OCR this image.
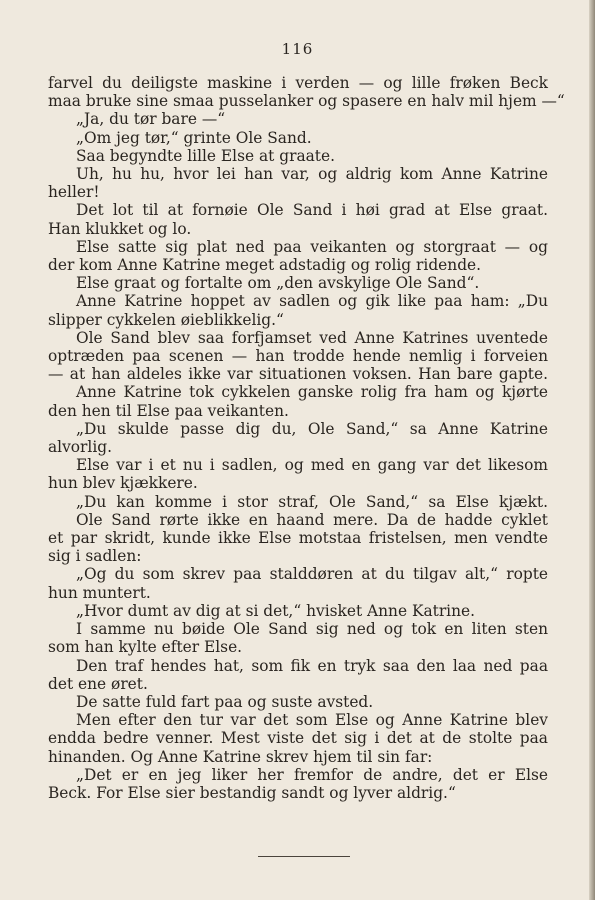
116
farvel du deiligste maskine i verden — og lille frøken Beck
maa bruke sine smaa pusselanker og spasere en halv mil hjem —“
„Ja, du tør bare —“
„Om jeg tør,“ grinte Ole Sand.
Saa begyndte lille Else at graate.
Uh, hu hu, hvor lei han var, og aldrig kom Anne Katrine
heller!
Det lot til at fornøie Ole Sand i høi grad at Else graat.
Han klukket og lo.
Else satte sig plat ned paa veikanten og storgraat — og
der kom Anne Katrine meget adstadig og rolig ridende.
Else graat og fortalte om „den avskylige Ole Sand“.
Anne Katrine hoppet av sadlen og gik like paa ham: „Du
slipper cykkelen øieblikkelig.“
Ole Sand blev saa forfjamset ved Anne Katrines uventede
optræden paa scenen — han trodde hende nemlig i forveien
— at han aldeles ikke var situationen voksen. Han bare gapte.
Anne Katrine tok cykkelen ganske rolig fra ham og kjørte
den hen til Else paa veikanten.
„Du skulde passe dig du, Ole Sand,“ sa Anne Katrine
alvorlig.
Else var i et nu i sadlen, og med en gang var det likesom
hun blev kjækkere.
„Du kan komme i stor straf, Ole Sand,“ sa Else kjækt.
Ole Sand rørte ikke en haand mere. Da de hadde cyklet
et par skridt, kunde ikke Else motstaa fristelsen, men vendte
sig i sadlen:
„Og du som skrev paa stalddøren at du tilgav alt,“ ropte
hun muntert.
„Hvor dumt av dig at si det,“ hvisket Anne Katrine.
I samme nu bøide Ole Sand sig ned og tok en liten sten
som han kylte efter Else.
Den traf hendes hat, som fik en tryk saa den laa ned paa
det ene øret.
De satte fuld fart paa og suste avsted.
Men efter den tur var det som Else og Anne Katrine blev
endda bedre venner. Mest viste det sig i det at de stolte paa
hinanden. Og Anne Katrine skrev hjem til sin far:
„Det er en jeg liker her fremfor de andre, det er Else
Beck. For Else sier bestandig sandt og lyver aldrig.“
